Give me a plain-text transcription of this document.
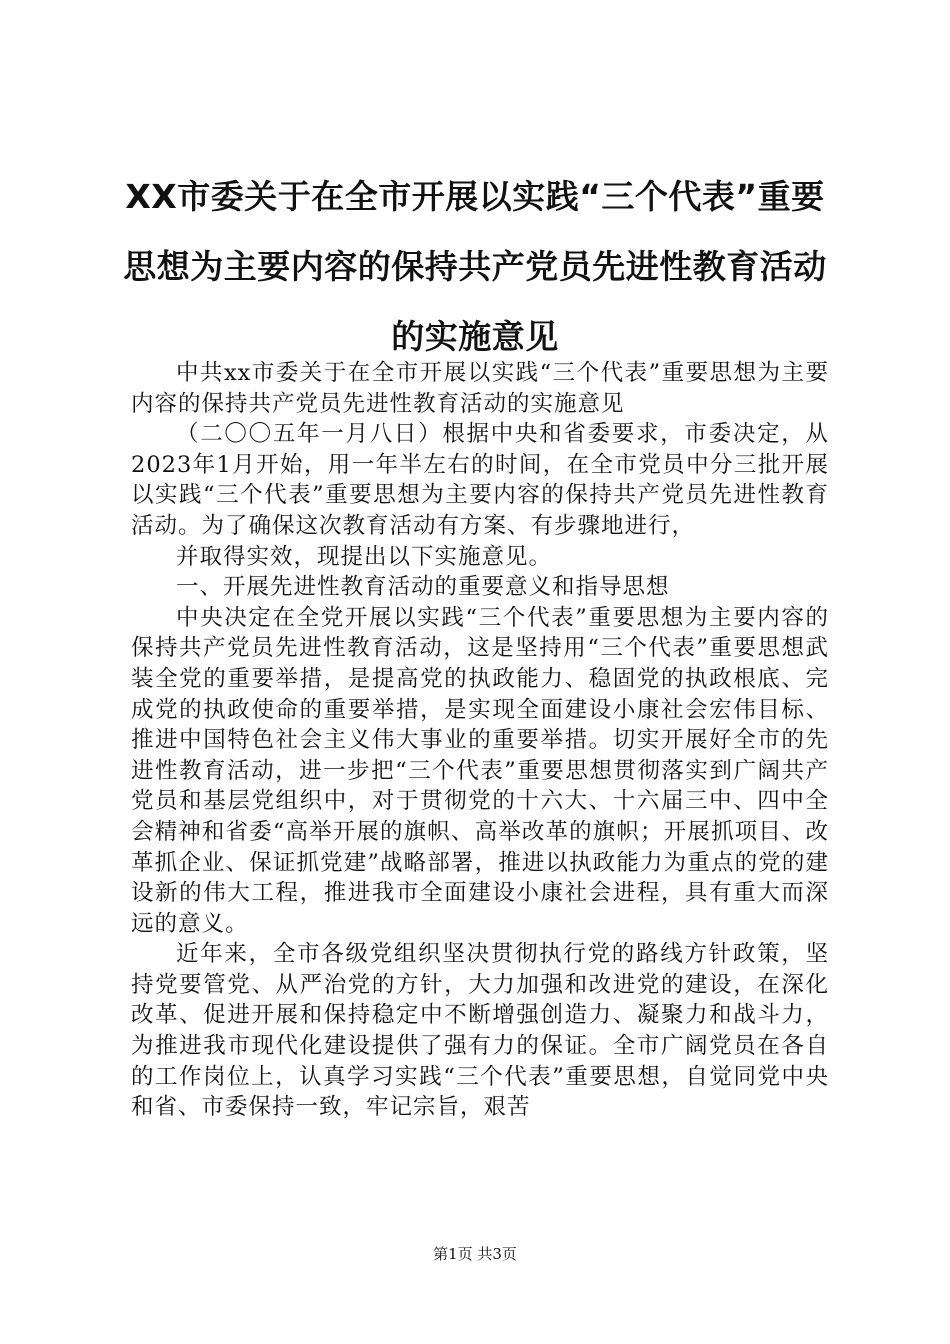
XX市委关于在全市开展以实践“三个代表”重要思想为主要内容的保持共产党员先进性教育活动的实施意见

中共xx市委关于在全市开展以实践“三个代表”重要思想为主要内容的保持共产党员先进性教育活动的实施意见

（二〇〇五年一月八日）根据中央和省委要求，市委决定，从2023年1月开始，用一年半左右的时间，在全市党员中分三批开展以实践“三个代表”重要思想为主要内容的保持共产党员先进性教育活动。为了确保这次教育活动有方案、有步骤地进行，

并取得实效，现提出以下实施意见。

一、开展先进性教育活动的重要意义和指导思想

中央决定在全党开展以实践“三个代表”重要思想为主要内容的保持共产党员先进性教育活动，这是坚持用“三个代表”重要思想武装全党的重要举措，是提高党的执政能力、稳固党的执政根底、完成党的执政使命的重要举措，是实现全面建设小康社会宏伟目标、推进中国特色社会主义伟大事业的重要举措。切实开展好全市的先进性教育活动，进一步把“三个代表”重要思想贯彻落实到广阔共产党员和基层党组织中，对于贯彻党的十六大、十六届三中、四中全会精神和省委“高举开展的旗帜、高举改革的旗帜；开展抓项目、改革抓企业、保证抓党建”战略部署，推进以执政能力为重点的党的建设新的伟大工程，推进我市全面建设小康社会进程，具有重大而深远的意义。

近年来，全市各级党组织坚决贯彻执行党的路线方针政策，坚持党要管党、从严治党的方针，大力加强和改进党的建设，在深化改革、促进开展和保持稳定中不断增强创造力、凝聚力和战斗力，为推进我市现代化建设提供了强有力的保证。全市广阔党员在各自的工作岗位上，认真学习实践“三个代表”重要思想，自觉同党中央和省、市委保持一致，牢记宗旨，艰苦

第1页 共3页
